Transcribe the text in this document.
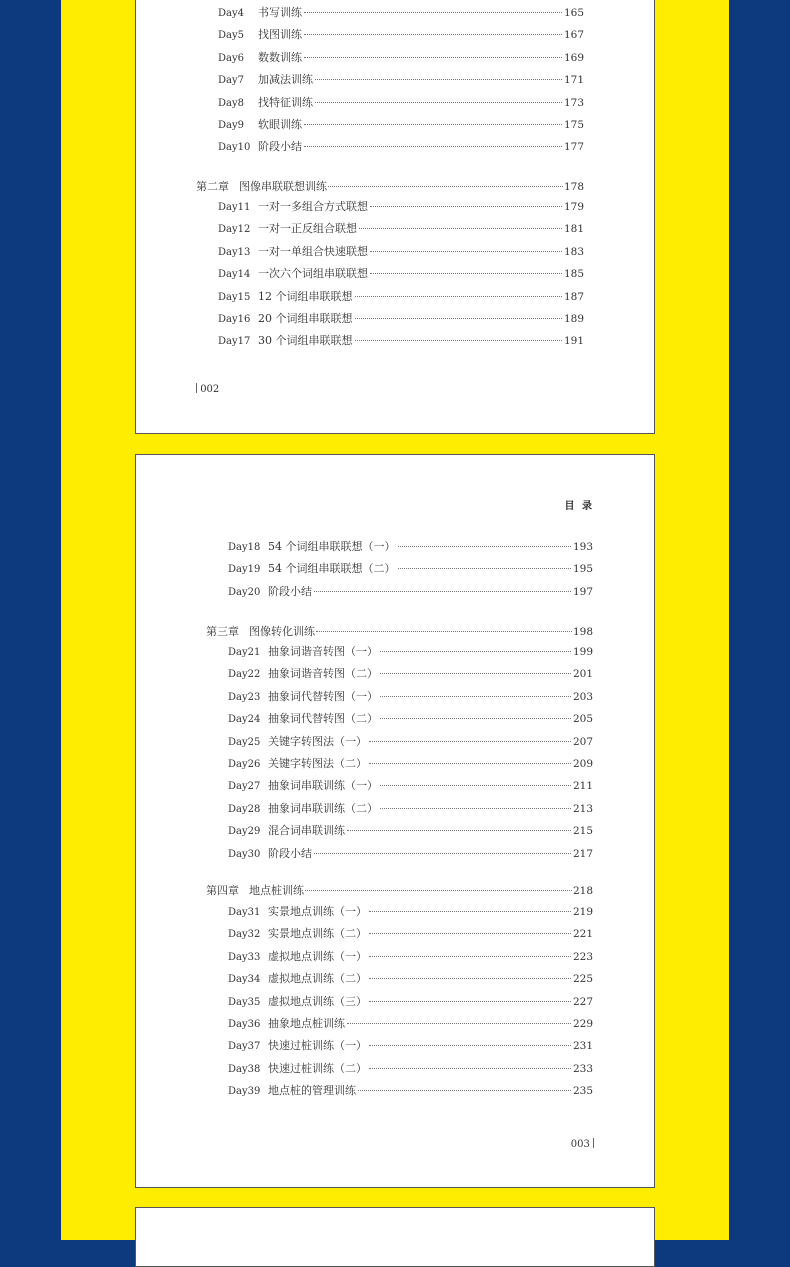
Day4	书写训练	165
Day5	找图训练	167
Day6	数数训练	169
Day7	加减法训练	171
Day8	找特征训练	173
Day9	软眼训练	175
Day10 阶段小结	177
第二章 图像串联联想训练	178
Day11 一对一多组合方式联想	179
Day12 一对一正反组合联想	181
Day13 一对一单组合快速联想	183
Day14 一次六个词组串联联想	185
Day15 12 个词组串联联想	187
Day16 20 个词组串联联想	189
Day17 30 个词组串联联想	191
002
目 录
Day18 54 个词组串联联想（一）	193
Day19 54 个词组串联联想（二）	195
Day20 阶段小结	197
第三章 图像转化训练	198
Day21 抽象词谐音转图（一）	199
Day22 抽象词谐音转图（二）	201
Day23 抽象词代替转图（一）	203
Day24 抽象词代替转图（二）	205
Day25 关键字转图法（一）	207
Day26 关键字转图法（二）	209
Day27 抽象词串联训练（一）	211
Day28 抽象词串联训练（二）	213
Day29 混合词串联训练	215
Day30 阶段小结	217
第四章 地点桩训练	218
Day31 实景地点训练（一）	219
Day32 实景地点训练（二）	221
Day33 虚拟地点训练（一）	223
Day34 虚拟地点训练（二）	225
Day35 虚拟地点训练（三）	227
Day36 抽象地点桩训练	229
Day37 快速过桩训练（一）	231
Day38 快速过桩训练（二）	233
Day39 地点桩的管理训练	235
003
